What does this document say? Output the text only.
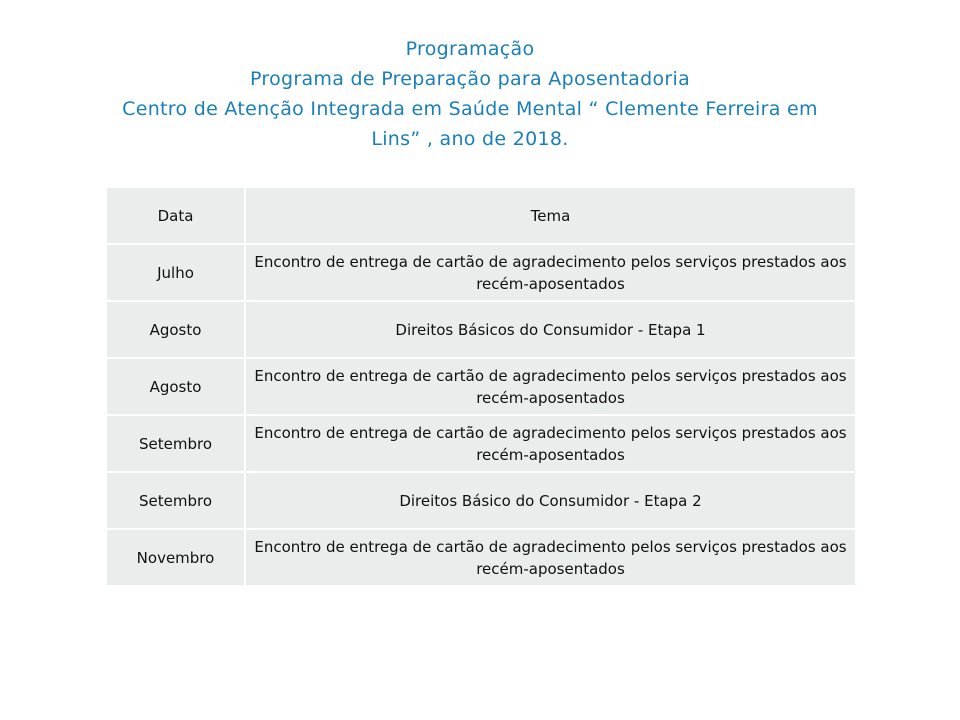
Programação
Programa de Preparação para Aposentadoria
Centro de Atenção Integrada em Saúde Mental “ Clemente Ferreira em
Lins” , ano de 2018.
Data	Tema
Julho	Encontro de entrega de cartão de agradecimento pelos serviços prestados aos recém-aposentados
Agosto	Direitos Básicos do Consumidor - Etapa 1
Agosto	Encontro de entrega de cartão de agradecimento pelos serviços prestados aos recém-aposentados
Setembro	Encontro de entrega de cartão de agradecimento pelos serviços prestados aos recém-aposentados
Setembro	Direitos Básico do Consumidor - Etapa 2
Novembro	Encontro de entrega de cartão de agradecimento pelos serviços prestados aos recém-aposentados
